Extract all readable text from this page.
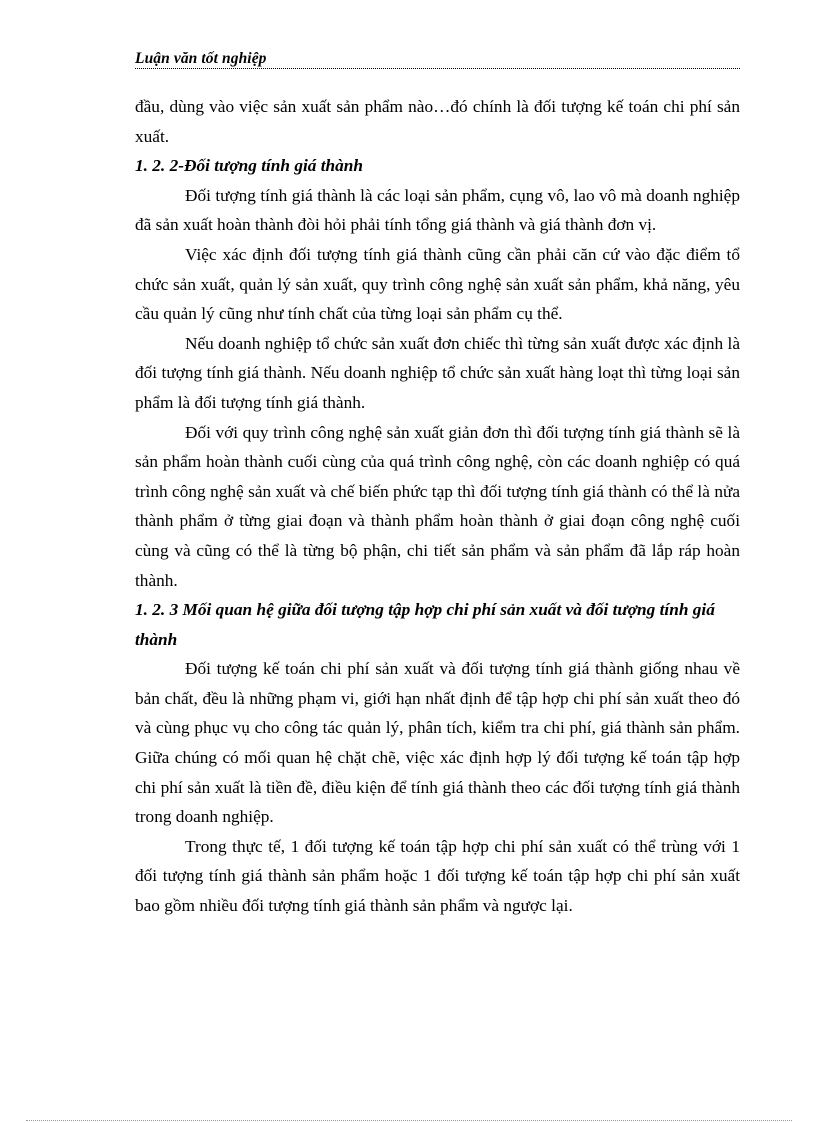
Luận văn tốt nghiệp

đầu, dùng vào việc sản xuất sản phẩm nào…đó chính là đối tượng kế toán chi phí sản xuất.

1. 2. 2-Đối tượng tính giá thành

Đối tượng tính giá thành là các loại sản phẩm, cụng vô, lao vô mà doanh nghiệp đã sản xuất hoàn thành đòi hỏi phải tính tổng giá thành và giá thành đơn vị.

Việc xác định đối tượng tính giá thành cũng cần phải căn cứ vào đặc điểm tổ chức sản xuất, quản lý sản xuất, quy trình công nghệ sản xuất sản phẩm, khả năng, yêu cầu quản lý cũng như tính chất của từng loại sản phẩm cụ thể.

Nếu doanh nghiệp tổ chức sản xuất đơn chiếc thì từng sản xuất được xác định là đối tượng tính giá thành. Nếu doanh nghiệp tổ chức sản xuất hàng loạt thì từng loại sản phẩm là đối tượng tính giá thành.

Đối với quy trình công nghệ sản xuất giản đơn thì đối tượng tính giá thành sẽ là sản phẩm hoàn thành cuối cùng của quá trình công nghệ, còn các doanh nghiệp có quá trình công nghệ sản xuất và chế biến phức tạp thì đối tượng tính giá thành có thể là nửa thành phẩm ở từng giai đoạn và thành phẩm hoàn thành ở giai đoạn công nghệ cuối cùng và cũng có thể là từng bộ phận, chi tiết sản phẩm và sản phẩm đã lắp ráp hoàn thành.

1. 2. 3 Mối quan hệ giữa đối tượng tập hợp chi phí sản xuất và đối tượng tính giá thành

Đối tượng kế toán chi phí sản xuất và đối tượng tính giá thành giống nhau về bản chất, đều là những phạm vi, giới hạn nhất định để tập hợp chi phí sản xuất theo đó và cùng phục vụ cho công tác quản lý, phân tích, kiểm tra chi phí, giá thành sản phẩm. Giữa chúng có mối quan hệ chặt chẽ, việc xác định hợp lý đối tượng kế toán tập hợp chi phí sản xuất là tiền đề, điều kiện để tính giá thành theo các đối tượng tính giá thành trong doanh nghiệp.

Trong thực tế, 1 đối tượng kế toán tập hợp chi phí sản xuất có thể trùng với 1 đối tượng tính giá thành sản phẩm hoặc 1 đối tượng kế toán tập hợp chi phí sản xuất bao gồm nhiều đối tượng tính giá thành sản phẩm và ngược lại.
